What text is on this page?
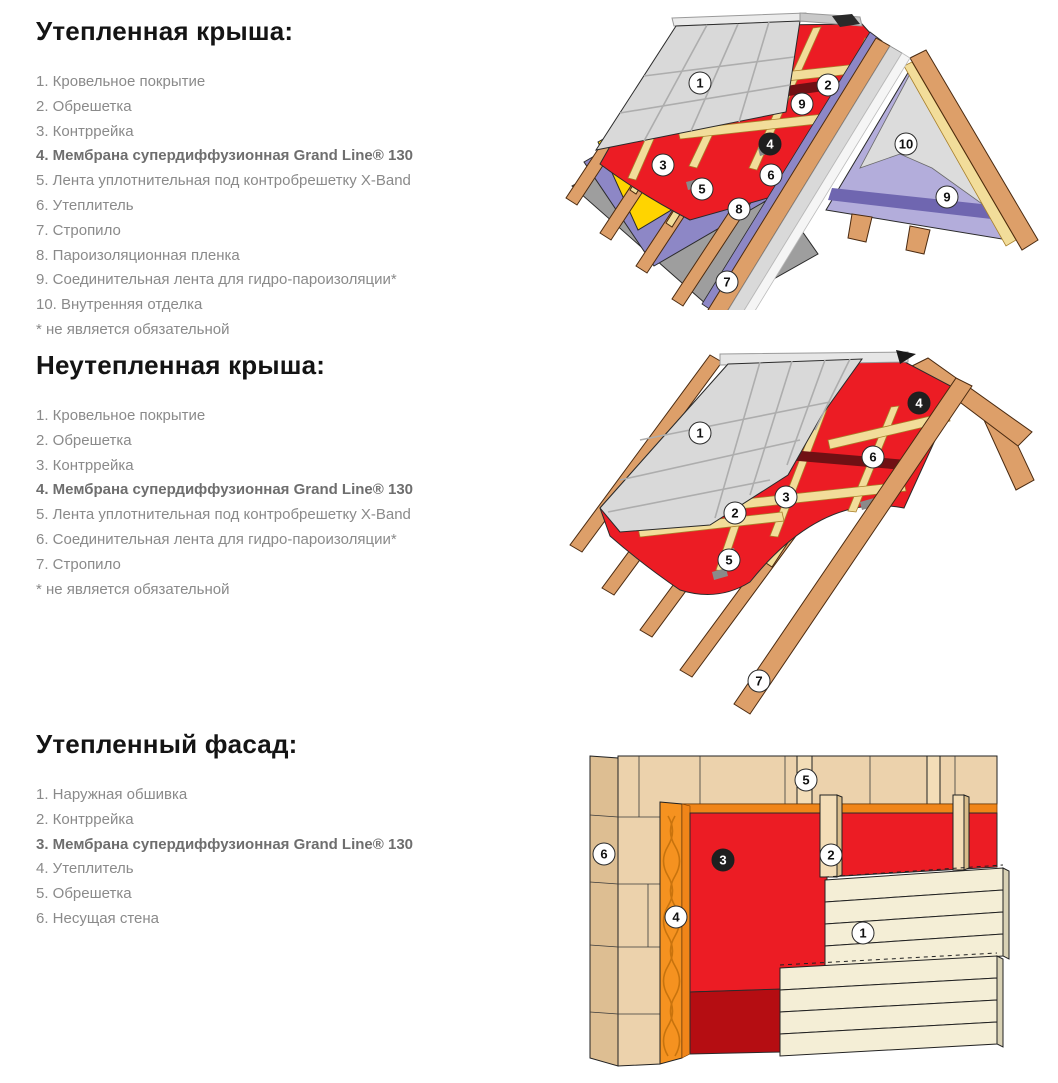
Утепленная крыша:
1. Кровельное покрытие
2. Обрешетка
3. Контррейка
4. Мембрана супердиффузионная Grand Line® 130
5. Лента уплотнительная под контробрешетку X-Band
6. Утеплитель
7. Стропило
8. Пароизоляционная пленка
9. Соединительная лента для гидро-пароизоляции*
10. Внутренняя отделка
* не является обязательной
Неутепленная крыша:
1. Кровельное покрытие
2. Обрешетка
3. Контррейка
4. Мембрана супердиффузионная Grand Line® 130
5. Лента уплотнительная под контробрешетку X-Band
6. Соединительная лента для гидро-пароизоляции*
7. Стропило
* не является обязательной
Утепленный фасад:
1. Наружная обшивка
2. Контррейка
3. Мембрана супердиффузионная Grand Line® 130
4. Утеплитель
5. Обрешетка
6. Несущая стена
1	2
9
4
3
6
5
8
10
9
7
1
4
6
3
2
5
7
5
6	3	2
4
1
